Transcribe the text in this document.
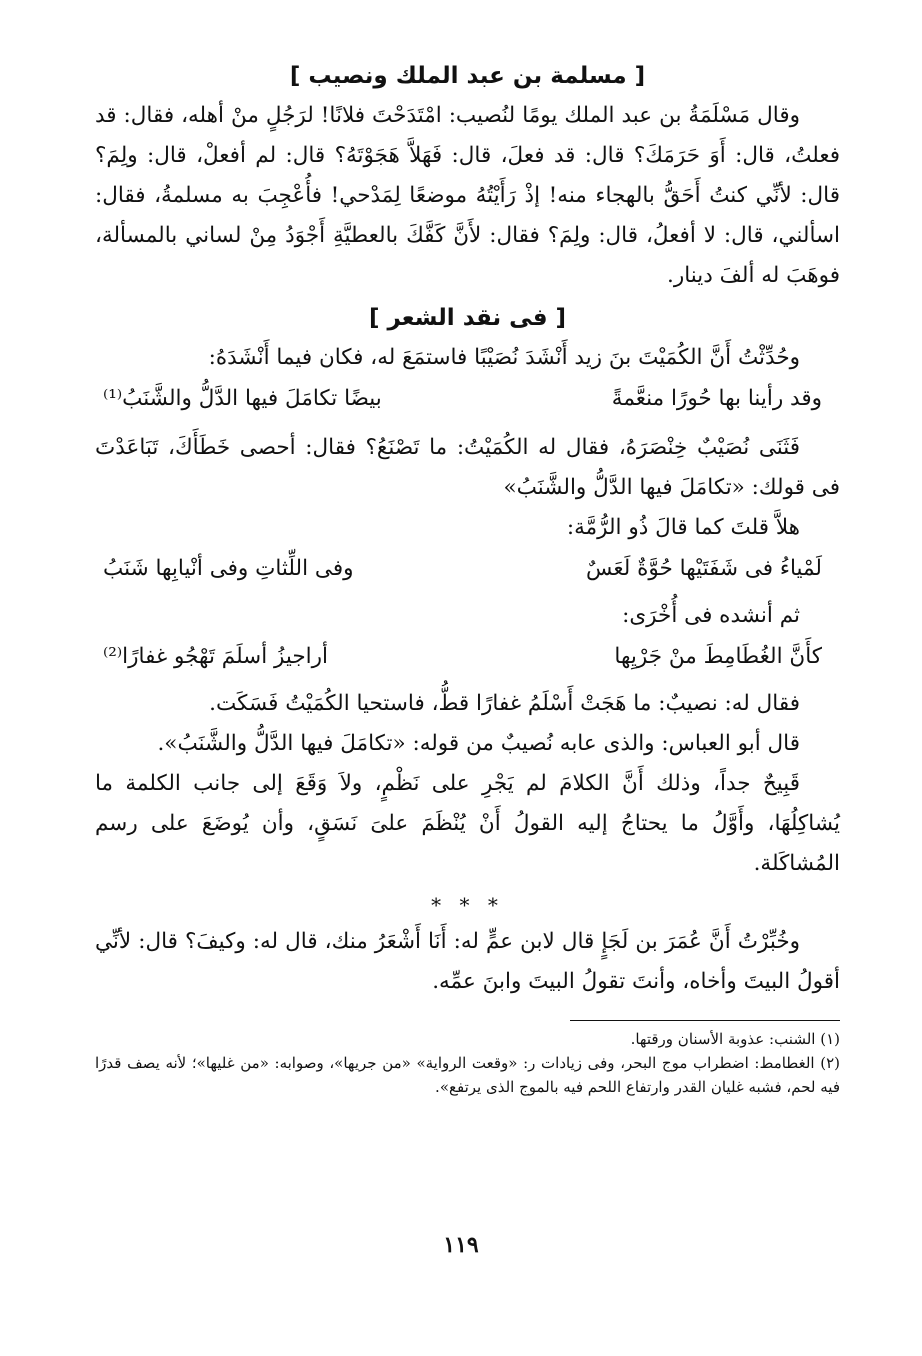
[ مسلمة بن عبد الملك ونصيب ]

وقال مَسْلَمَةُ بن عبد الملك يومًا لنُصيب: امْتَدَحْتَ فلانًا! لرَجُلٍ منْ أهله، فقال: قد فعلتُ، قال: أَوَ حَرَمَكَ؟ قال: قد فعلَ، قال: فَهَلاَّ هَجَوْتَهُ؟ قال: لم أفعلْ، قال: ولِمَ؟ قال: لأنِّي كنتُ أَحَقُّ بالهجاء منه! إذْ رَأَيْتُهُ موضعًا لِمَدْحي! فأُعْجِبَ به مسلمةُ، فقال: اسألني، قال: لا أفعلُ، قال: ولِمَ؟ فقال: لأَنَّ كَفَّكَ بالعطيَّةِ أَجْوَدُ مِنْ لساني بالمسألة، فوهَبَ له ألفَ دينار.

[ فى نقد الشعر ]

وحُدِّثْتُ أَنَّ الكُمَيْتَ بنَ زيد أَنْشَدَ نُصَيْبًا فاستمَعَ له، فكان فيما أَنْشَدَهُ:

وقد رأينا بها حُورًا منعَّمةً
بيضًا تكامَلَ فيها الدَّلُّ والشَّنَبُ⁽¹⁾

فَثَنَى نُصَيْبٌ خِنْصَرَهُ، فقال له الكُمَيْتُ: ما تَصْنَعُ؟ فقال: أحصى خَطَأَكَ، تَبَاعَدْتَ فى قولك: «تكامَلَ فيها الدَّلُّ والشَّنَبُ»

هلاَّ قلتَ كما قالَ ذُو الرُّمَّة:

لَمْياءُ فى شَفَتَيْها حُوَّةٌ لَعَسٌ
وفى اللِّثاتِ وفى أنْيابِها شَنَبُ

ثم أنشده فى أُخْرَى:

كأَنَّ الغُطَامِطَ منْ جَرْيِها
أراجيزُ أسلَمَ تَهْجُو غفارًا⁽²⁾

فقال له: نصيبٌ: ما هَجَتْ أَسْلَمُ غفارًا قطُّ، فاستحيا الكُمَيْتُ فَسَكَت.

قال أبو العباس: والذى عابه نُصيبٌ من قوله: «تكامَلَ فيها الدَّلُّ والشَّنَبُ».

قَبِيحٌ جداً، وذلك أَنَّ الكلامَ لم يَجْرِ على نَظْمٍ، ولاَ وَقَعَ إلى جانب الكلمة ما يُشاكِلُهَا، وأَوَّلُ ما يحتاجُ إليه القولُ أَنْ يُنْظَمَ علىَ نَسَقٍ، وأن يُوضَعَ على رسم المُشاكَلة.

* * *

وخُبِّرْتُ أَنَّ عُمَرَ بن لَجَإٍ قال لابن عمٍّ له: أَنَا أَشْعَرُ منك، قال له: وكيفَ؟ قال: لأنِّي أقولُ البيتَ وأخاه، وأنتَ تقولُ البيتَ وابنَ عمِّه.

(١) الشنب: عذوبة الأسنان ورقتها.

(٢) الغطامط: اضطراب موج البحر، وفى زيادات ر: «وقعت الرواية» «من جريها»، وصوابه: «من غليها»؛ لأنه يصف قدرًا فيه لحم، فشبه غليان القدر وارتفاع اللحم فيه بالموج الذى يرتفع».

١١٩
